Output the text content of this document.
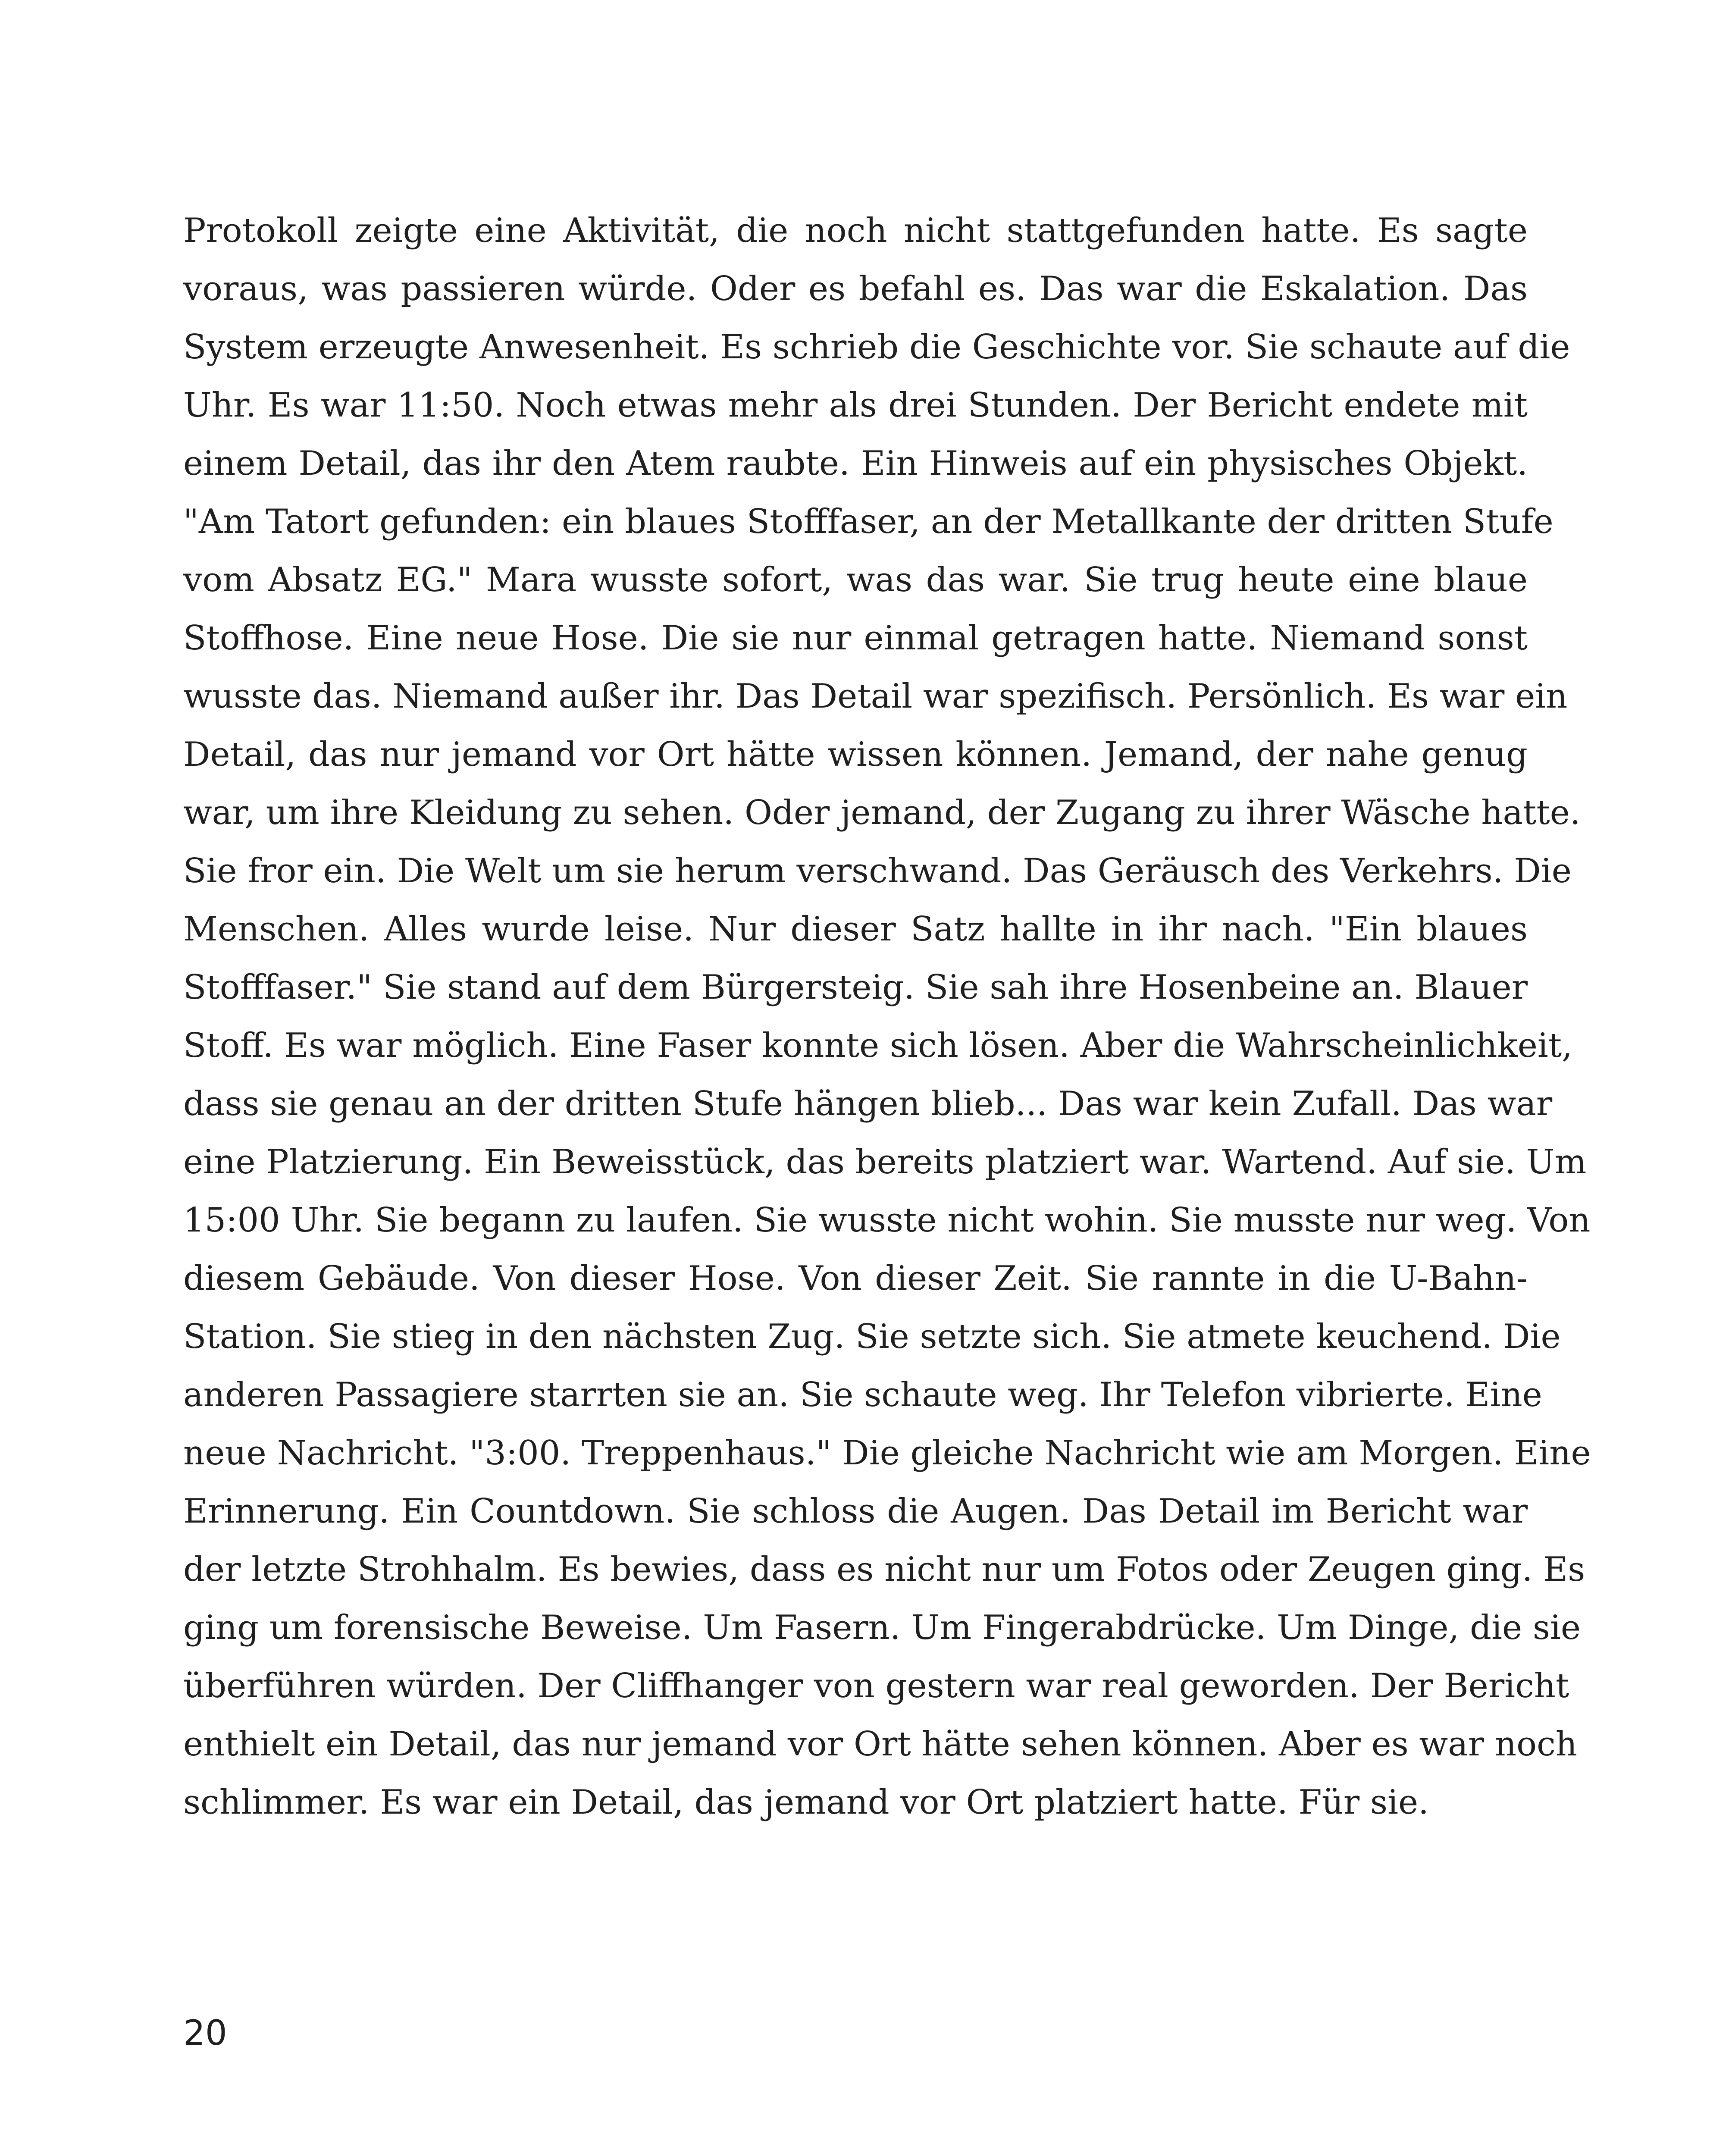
Protokoll zeigte eine Aktivität, die noch nicht stattgefunden hatte. Es sagte
voraus, was passieren würde. Oder es befahl es. Das war die Eskalation. Das
System erzeugte Anwesenheit. Es schrieb die Geschichte vor. Sie schaute auf die
Uhr. Es war 11:50. Noch etwas mehr als drei Stunden. Der Bericht endete mit
einem Detail, das ihr den Atem raubte. Ein Hinweis auf ein physisches Objekt.
"Am Tatort gefunden: ein blaues Stofffaser, an der Metallkante der dritten Stufe
vom Absatz EG." Mara wusste sofort, was das war. Sie trug heute eine blaue
Stoffhose. Eine neue Hose. Die sie nur einmal getragen hatte. Niemand sonst
wusste das. Niemand außer ihr. Das Detail war spezifisch. Persönlich. Es war ein
Detail, das nur jemand vor Ort hätte wissen können. Jemand, der nahe genug
war, um ihre Kleidung zu sehen. Oder jemand, der Zugang zu ihrer Wäsche hatte.
Sie fror ein. Die Welt um sie herum verschwand. Das Geräusch des Verkehrs. Die
Menschen. Alles wurde leise. Nur dieser Satz hallte in ihr nach. "Ein blaues
Stofffaser." Sie stand auf dem Bürgersteig. Sie sah ihre Hosenbeine an. Blauer
Stoff. Es war möglich. Eine Faser konnte sich lösen. Aber die Wahrscheinlichkeit,
dass sie genau an der dritten Stufe hängen blieb... Das war kein Zufall. Das war
eine Platzierung. Ein Beweisstück, das bereits platziert war. Wartend. Auf sie. Um
15:00 Uhr. Sie begann zu laufen. Sie wusste nicht wohin. Sie musste nur weg. Von
diesem Gebäude. Von dieser Hose. Von dieser Zeit. Sie rannte in die U-Bahn-
Station. Sie stieg in den nächsten Zug. Sie setzte sich. Sie atmete keuchend. Die
anderen Passagiere starrten sie an. Sie schaute weg. Ihr Telefon vibrierte. Eine
neue Nachricht. "3:00. Treppenhaus." Die gleiche Nachricht wie am Morgen. Eine
Erinnerung. Ein Countdown. Sie schloss die Augen. Das Detail im Bericht war
der letzte Strohhalm. Es bewies, dass es nicht nur um Fotos oder Zeugen ging. Es
ging um forensische Beweise. Um Fasern. Um Fingerabdrücke. Um Dinge, die sie
überführen würden. Der Cliffhanger von gestern war real geworden. Der Bericht
enthielt ein Detail, das nur jemand vor Ort hätte sehen können. Aber es war noch
schlimmer. Es war ein Detail, das jemand vor Ort platziert hatte. Für sie.
20
